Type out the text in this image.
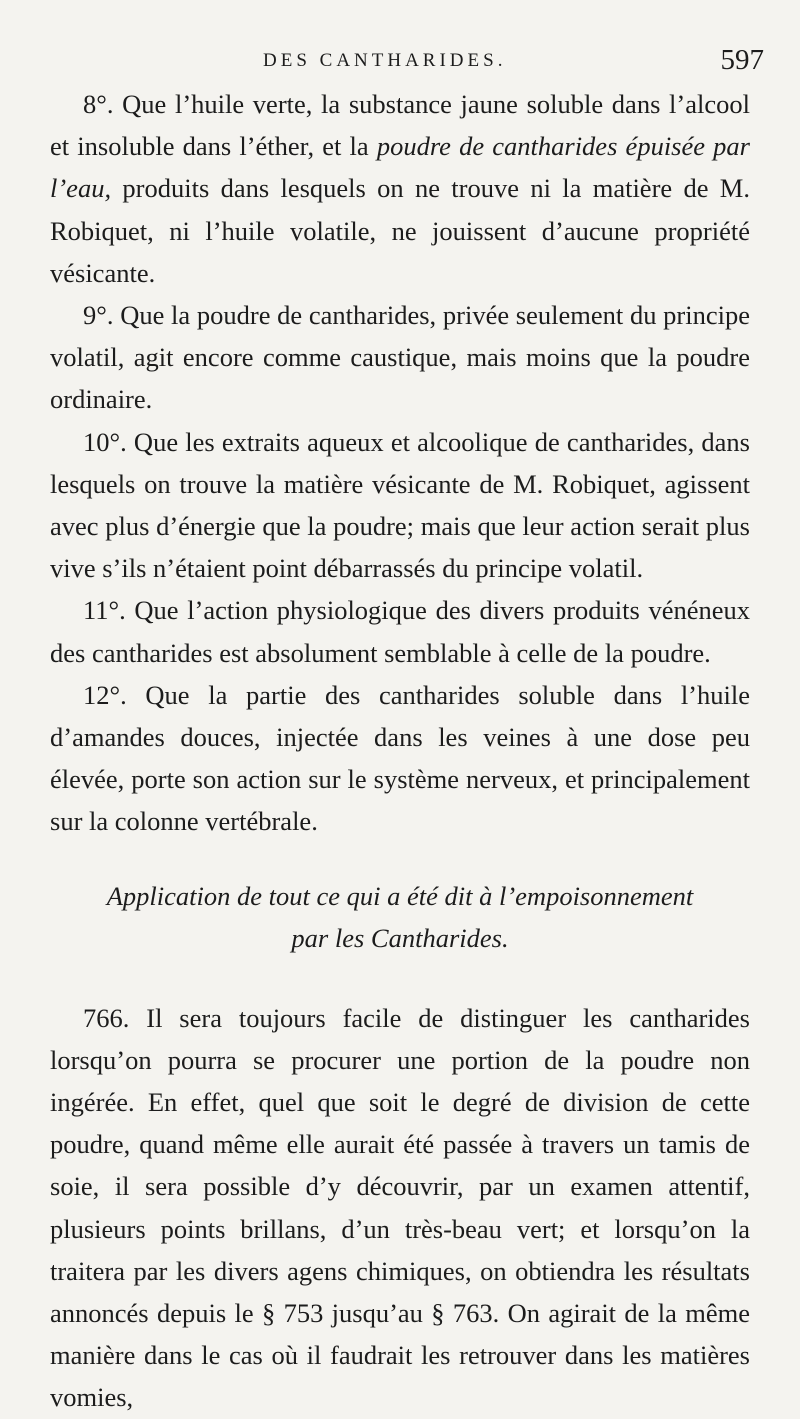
DES CANTHARIDES.	597

8°. Que l’huile verte, la substance jaune soluble dans l’alcool et insoluble dans l’éther, et la poudre de cantharides épuisée par l’eau, produits dans lesquels on ne trouve ni la matière de M. Robiquet, ni l’huile volatile, ne jouissent d’aucune propriété vésicante.

9°. Que la poudre de cantharides, privée seulement du principe volatil, agit encore comme caustique, mais moins que la poudre ordinaire.

10°. Que les extraits aqueux et alcoolique de cantharides, dans lesquels on trouve la matière vésicante de M. Robiquet, agissent avec plus d’énergie que la poudre; mais que leur action serait plus vive s’ils n’étaient point débarrassés du principe volatil.

11°. Que l’action physiologique des divers produits vénéneux des cantharides est absolument semblable à celle de la poudre.

12°. Que la partie des cantharides soluble dans l’huile d’amandes douces, injectée dans les veines à une dose peu élevée, porte son action sur le système nerveux, et principalement sur la colonne vertébrale.

Application de tout ce qui a été dit à l’empoisonnement
par les Cantharides.

766. Il sera toujours facile de distinguer les cantharides lorsqu’on pourra se procurer une portion de la poudre non ingérée. En effet, quel que soit le degré de division de cette poudre, quand même elle aurait été passée à travers un tamis de soie, il sera possible d’y découvrir, par un examen attentif, plusieurs points brillans, d’un très-beau vert; et lorsqu’on la traitera par les divers agens chimiques, on obtiendra les résultats annoncés depuis le § 753 jusqu’au § 763. On agirait de la même manière dans le cas où il faudrait les retrouver dans les matières vomies,
